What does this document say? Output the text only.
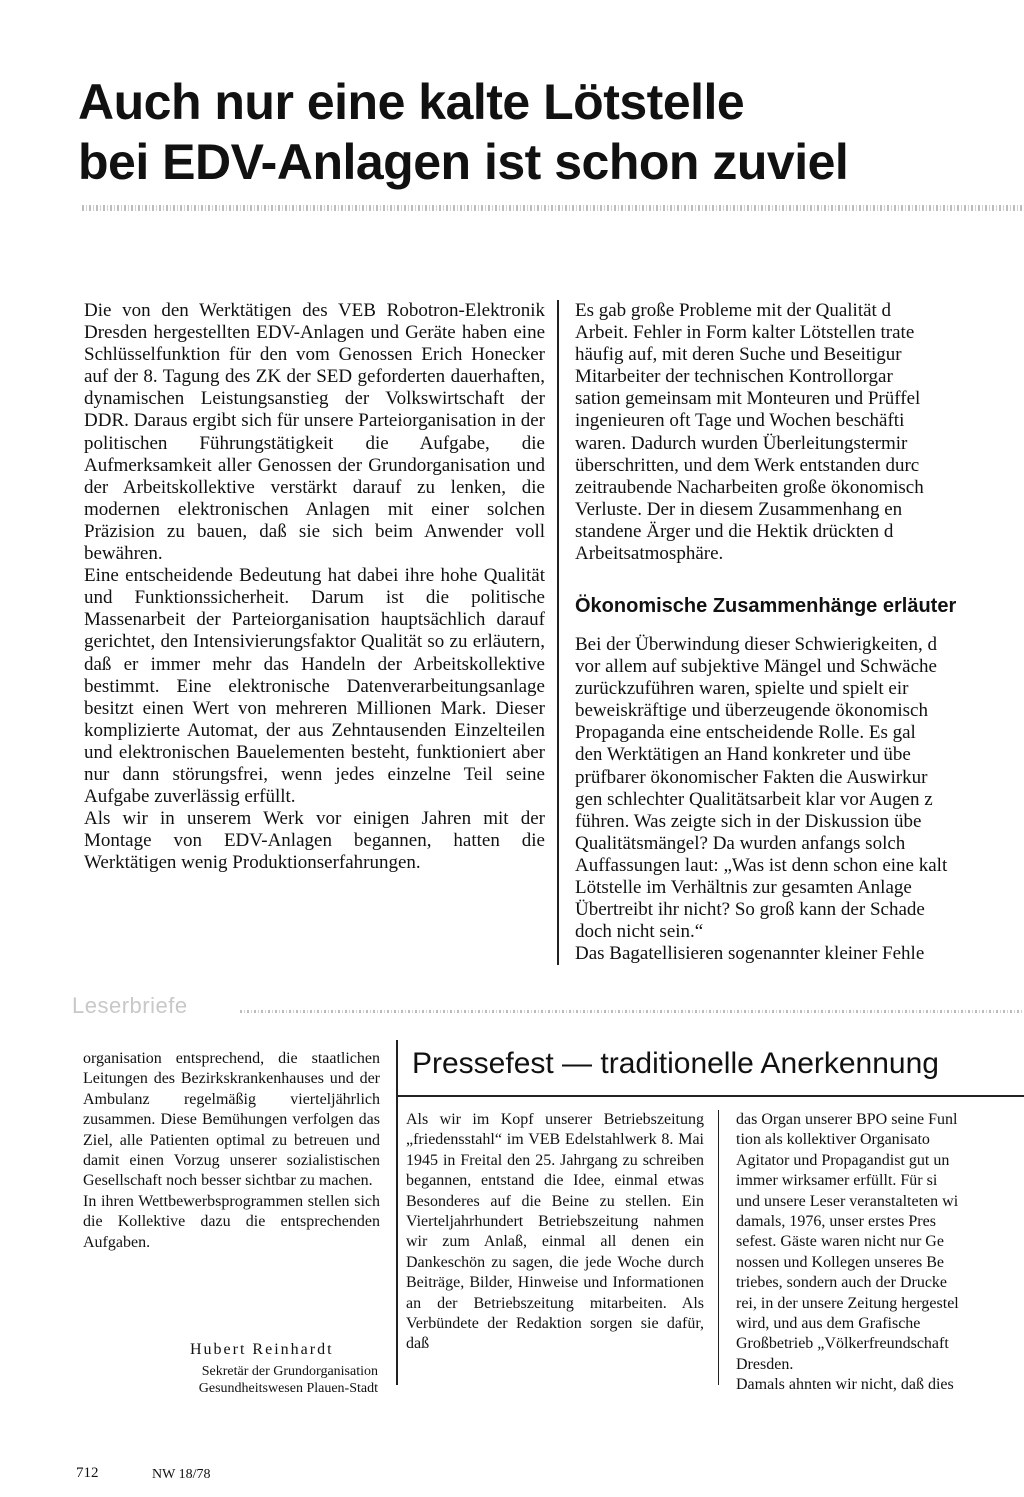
Auch nur eine kalte Lötstelle
bei EDV-Anlagen ist schon zuviel

Die von den Werktätigen des VEB Robotron-Elektronik Dresden hergestellten EDV-Anlagen und Geräte haben eine Schlüsselfunktion für den vom Genossen Erich Honecker auf der 8. Tagung des ZK der SED geforderten dauerhaften, dynamischen Leistungsanstieg der Volkswirtschaft der DDR. Daraus ergibt sich für unsere Parteiorganisation in der politischen Führungstätigkeit die Aufgabe, die Aufmerksamkeit aller Genossen der Grundorganisation und der Arbeitskollektive verstärkt darauf zu lenken, die modernen elektronischen Anlagen mit einer solchen Präzision zu bauen, daß sie sich beim Anwender voll bewähren.

Eine entscheidende Bedeutung hat dabei ihre hohe Qualität und Funktionssicherheit. Darum ist die politische Massenarbeit der Parteiorganisation hauptsächlich darauf gerichtet, den Intensivierungsfaktor Qualität so zu erläutern, daß er immer mehr das Handeln der Arbeitskollektive bestimmt. Eine elektronische Datenverarbeitungsanlage besitzt einen Wert von mehreren Millionen Mark. Dieser komplizierte Automat, der aus Zehntausenden Einzelteilen und elektronischen Bauelementen besteht, funktioniert aber nur dann störungsfrei, wenn jedes einzelne Teil seine Aufgabe zuverlässig erfüllt.

Als wir in unserem Werk vor einigen Jahren mit der Montage von EDV-Anlagen begannen, hatten die Werktätigen wenig Produktionserfahrungen.

Es gab große Probleme mit der Qualität d

Arbeit. Fehler in Form kalter Lötstellen trate

häufig auf, mit deren Suche und Beseitigur

Mitarbeiter der technischen Kontrollorgar

sation gemeinsam mit Monteuren und Prüffel

ingenieuren oft Tage und Wochen beschäfti

waren. Dadurch wurden Überleitungstermir

überschritten, und dem Werk entstanden durc

zeitraubende Nacharbeiten große ökonomisch

Verluste. Der in diesem Zusammenhang en

standene Ärger und die Hektik drückten d

Arbeitsatmosphäre.

Ökonomische Zusammenhänge erläuter

Bei der Überwindung dieser Schwierigkeiten, d

vor allem auf subjektive Mängel und Schwäche

zurückzuführen waren, spielte und spielt eir

beweiskräftige und überzeugende ökonomisch

Propaganda eine entscheidende Rolle. Es gal

den Werktätigen an Hand konkreter und übe

prüfbarer ökonomischer Fakten die Auswirkur

gen schlechter Qualitätsarbeit klar vor Augen z

führen. Was zeigte sich in der Diskussion übe

Qualitätsmängel? Da wurden anfangs solch

Auffassungen laut: „Was ist denn schon eine kalt

Lötstelle im Verhältnis zur gesamten Anlage

Übertreibt ihr nicht? So groß kann der Schade

doch nicht sein.“

Das Bagatellisieren sogenannter kleiner Fehle

Leserbriefe

organisation entsprechend, die staatlichen Leitungen des Bezirkskrankenhauses und der Ambulanz regelmäßig vierteljährlich zusammen. Diese Bemühungen verfolgen das Ziel, alle Patienten optimal zu betreuen und damit einen Vorzug unserer sozialistischen Gesellschaft noch besser sichtbar zu machen.

In ihren Wettbewerbsprogrammen stellen sich die Kollektive dazu die entsprechenden Aufgaben.

Hubert Reinhardt
Sekretär der Grundorganisation
Gesundheitswesen Plauen-Stadt
Pressefest — traditionelle Anerkennung

Als wir im Kopf unserer Betriebszeitung „friedensstahl“ im VEB Edelstahlwerk 8. Mai 1945 in Freital den 25. Jahrgang zu schreiben begannen, entstand die Idee, einmal etwas Besonderes auf die Beine zu stellen. Ein Vierteljahrhundert Betriebszeitung nahmen wir zum Anlaß, einmal all denen ein Dankeschön zu sagen, die jede Woche durch Beiträge, Bilder, Hinweise und Informationen an der Betriebszeitung mitarbeiten. Als Verbündete der Redaktion sorgen sie dafür, daß

das Organ unserer BPO seine Funl

tion als kollektiver Organisato

Agitator und Propagandist gut un

immer wirksamer erfüllt. Für si

und unsere Leser veranstalteten wi

damals, 1976, unser erstes Pres

sefest. Gäste waren nicht nur Ge

nossen und Kollegen unseres Be

triebes, sondern auch der Drucke

rei, in der unsere Zeitung hergestel

wird, und aus dem Grafische

Großbetrieb „Völkerfreundschaft

Dresden.

Damals ahnten wir nicht, daß dies

712	NW 18/78
